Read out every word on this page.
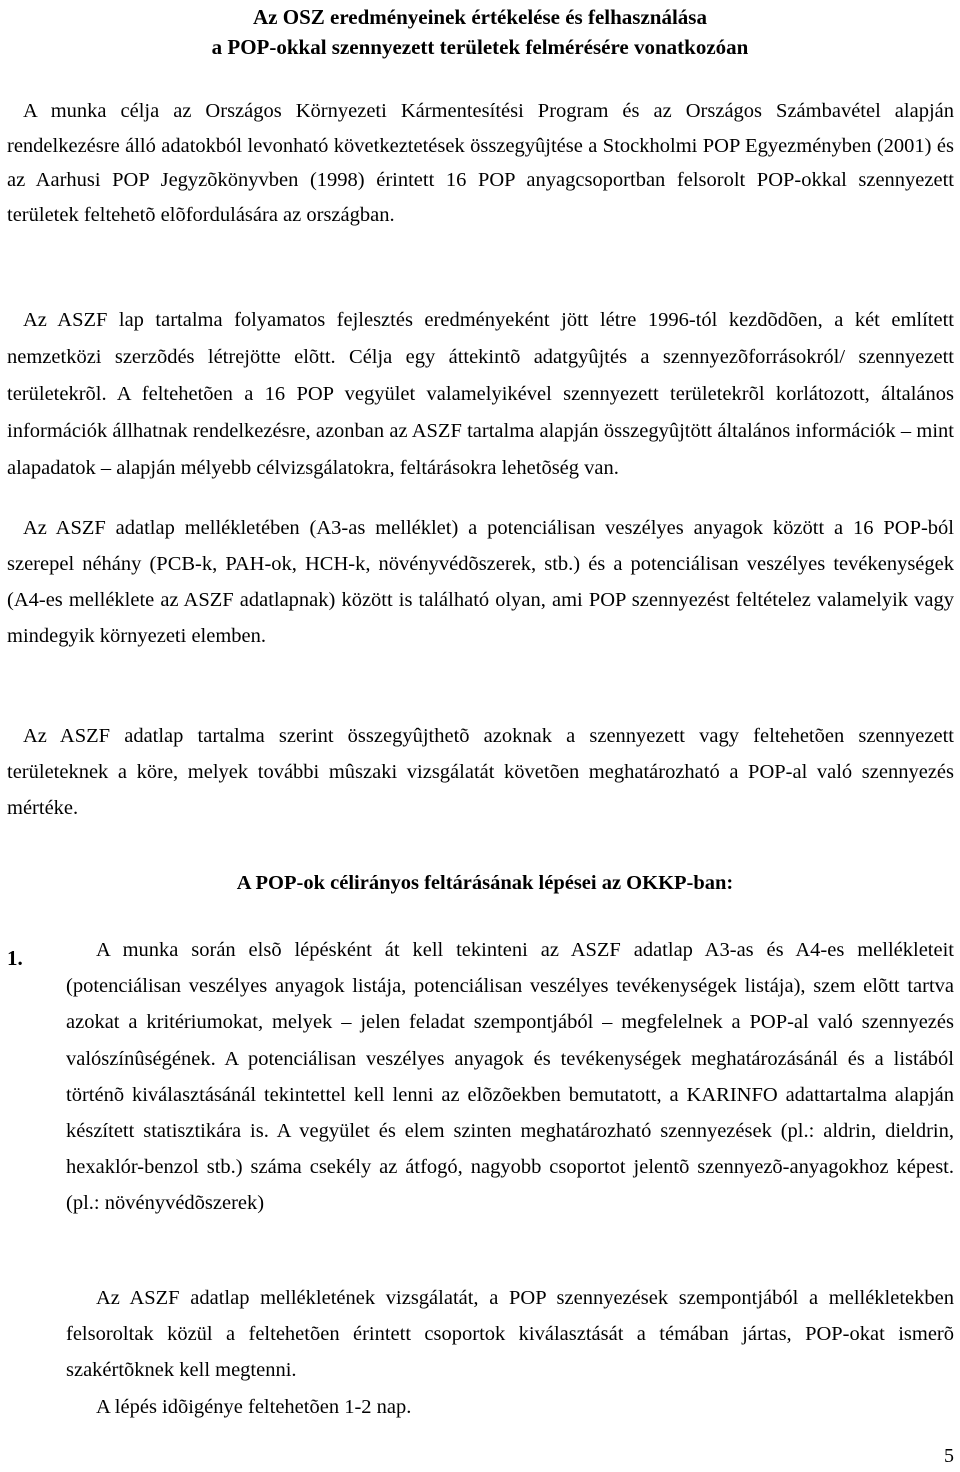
Az OSZ eredményeinek értékelése és felhasználása

a POP-okkal szennyezett területek felmérésére vonatkozóan

A munka célja az Országos Környezeti Kármentesítési Program és az Országos Számbavétel alapján rendelkezésre álló adatokból levonható következtetések összegyûjtése a Stockholmi POP Egyezményben (2001) és az Aarhusi POP Jegyzõkönyvben (1998) érintett 16 POP anyagcsoportban felsorolt POP-okkal szennyezett területek feltehetõ elõfordulására az országban.

Az ASZF lap tartalma folyamatos fejlesztés eredményeként jött létre 1996-tól kezdõdõen, a két említett nemzetközi szerzõdés létrejötte elõtt. Célja egy áttekintõ adatgyûjtés a szennyezõforrásokról/ szennyezett területekrõl. A feltehetõen a 16 POP vegyület valamelyikével szennyezett területekrõl korlátozott, általános információk állhatnak rendelkezésre, azonban az ASZF tartalma alapján összegyûjtött általános információk – mint alapadatok – alapján mélyebb célvizsgálatokra, feltárásokra lehetõség van.

Az ASZF adatlap mellékletében (A3-as melléklet) a potenciálisan veszélyes anyagok között a 16 POP-ból szerepel néhány (PCB-k, PAH-ok, HCH-k, növényvédõszerek, stb.) és a potenciálisan veszélyes tevékenységek (A4-es melléklete az ASZF adatlapnak) között is található olyan, ami POP szennyezést feltételez valamelyik vagy mindegyik környezeti elemben.

Az ASZF adatlap tartalma szerint összegyûjthetõ azoknak a szennyezett vagy feltehetõen szennyezett területeknek a köre, melyek további mûszaki vizsgálatát követõen meghatározható a POP-al való szennyezés mértéke.

A POP-ok célirányos feltárásának lépései az OKKP-ban:

1.	A munka során elsõ lépésként át kell tekinteni az ASZF adatlap A3-as és A4-es mellékleteit (potenciálisan veszélyes anyagok listája, potenciálisan veszélyes tevékenységek listája), szem elõtt tartva azokat a kritériumokat, melyek – jelen feladat szempontjából – megfelelnek a POP-al való szennyezés valószínûségének. A potenciálisan veszélyes anyagok és tevékenységek meghatározásánál és a listából történõ kiválasztásánál tekintettel kell lenni az elõzõekben bemutatott, a KARINFO adattartalma alapján készített statisztikára is. A vegyület és elem szinten meghatározható szennyezések (pl.: aldrin, dieldrin, hexaklór-benzol stb.) száma csekély az átfogó, nagyobb csoportot jelentõ szennyezõ-anyagokhoz képest. (pl.: növényvédõszerek)

Az ASZF adatlap mellékletének vizsgálatát, a POP szennyezések szempontjából a mellékletekben felsoroltak közül a feltehetõen érintett csoportok kiválasztását a témában jártas, POP-okat ismerõ szakértõknek kell megtenni.

A lépés idõigénye feltehetõen 1-2 nap.

5
